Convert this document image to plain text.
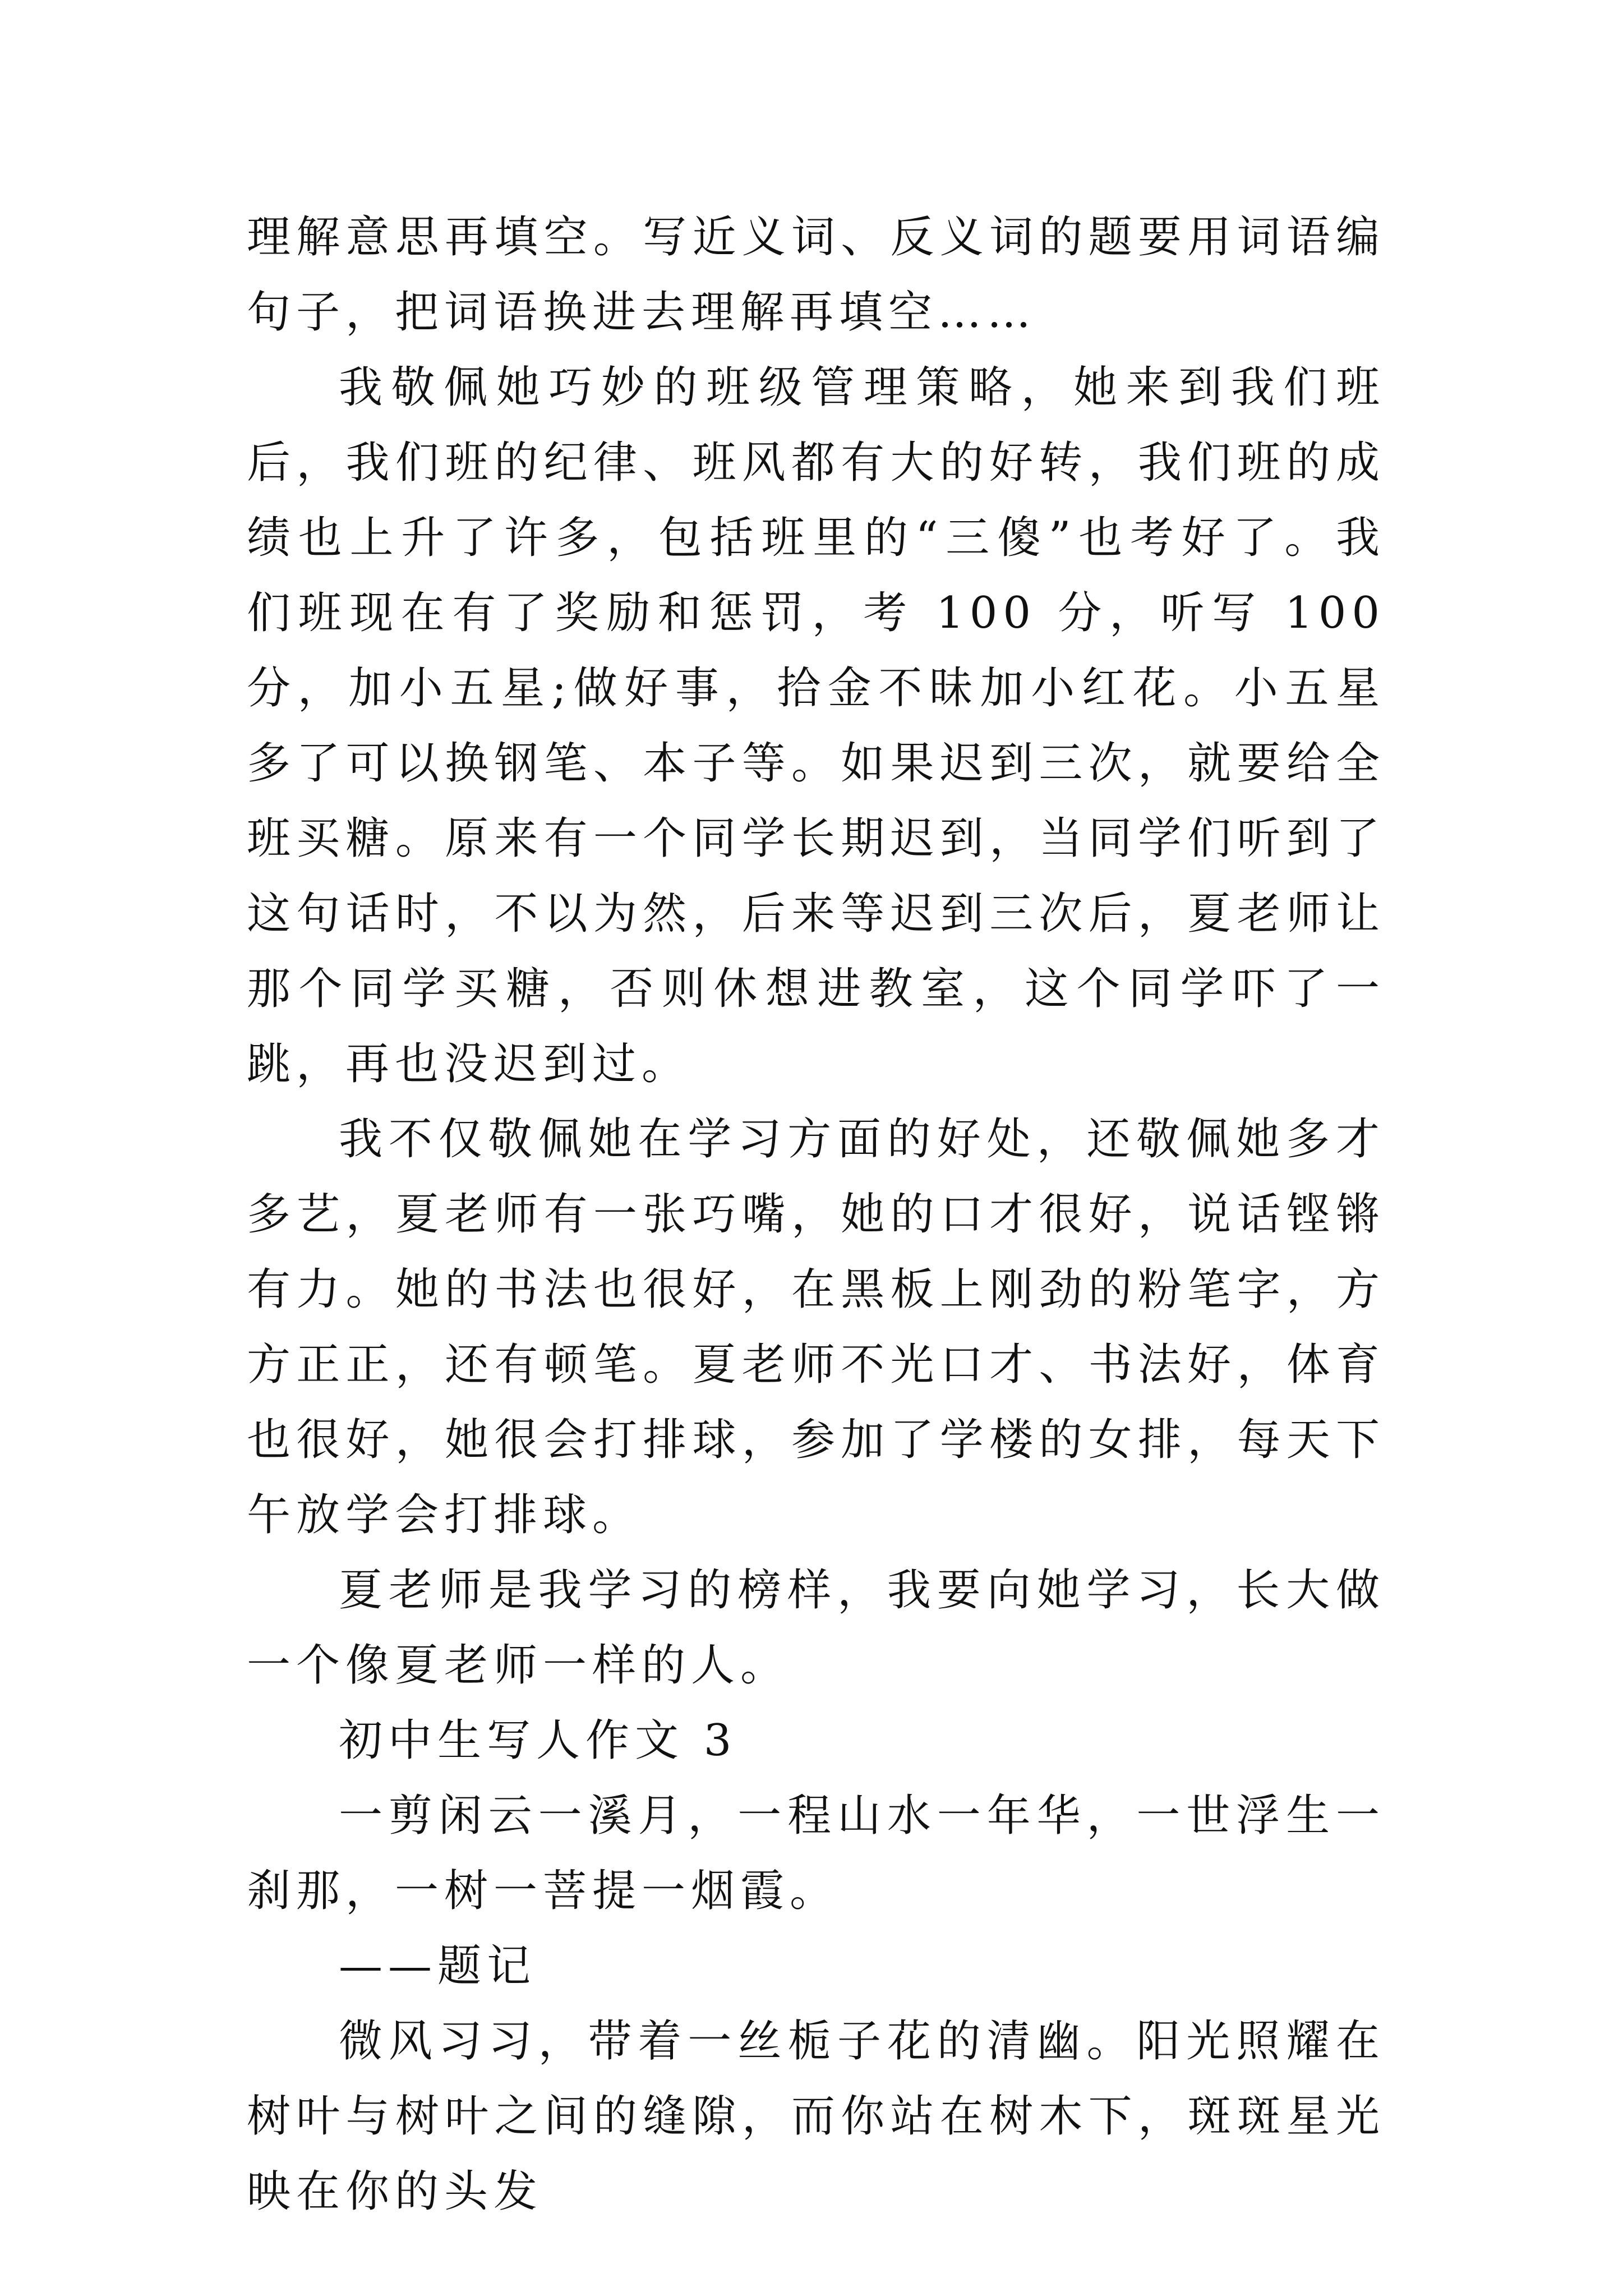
理解意思再填空。写近义词、反义词的题要用词语编句子，把词语换进去理解再填空……

我敬佩她巧妙的班级管理策略，她来到我们班后，我们班的纪律、班风都有大的好转，我们班的成绩也上升了许多，包括班里的“三傻”也考好了。我们班现在有了奖励和惩罚，考 100 分，听写 100 分，加小五星;做好事，拾金不昧加小红花。小五星多了可以换钢笔、本子等。如果迟到三次，就要给全班买糖。原来有一个同学长期迟到，当同学们听到了这句话时，不以为然，后来等迟到三次后，夏老师让那个同学买糖，否则休想进教室，这个同学吓了一跳，再也没迟到过。

我不仅敬佩她在学习方面的好处，还敬佩她多才多艺，夏老师有一张巧嘴，她的口才很好，说话铿锵有力。她的书法也很好，在黑板上刚劲的粉笔字，方方正正，还有顿笔。夏老师不光口才、书法好，体育也很好，她很会打排球，参加了学楼的女排，每天下午放学会打排球。

夏老师是我学习的榜样，我要向她学习，长大做一个像夏老师一样的人。

初中生写人作文 3

一剪闲云一溪月，一程山水一年华，一世浮生一刹那，一树一菩提一烟霞。

——题记

微风习习，带着一丝栀子花的清幽。阳光照耀在树叶与树叶之间的缝隙，而你站在树木下，斑斑星光映在你的头发
